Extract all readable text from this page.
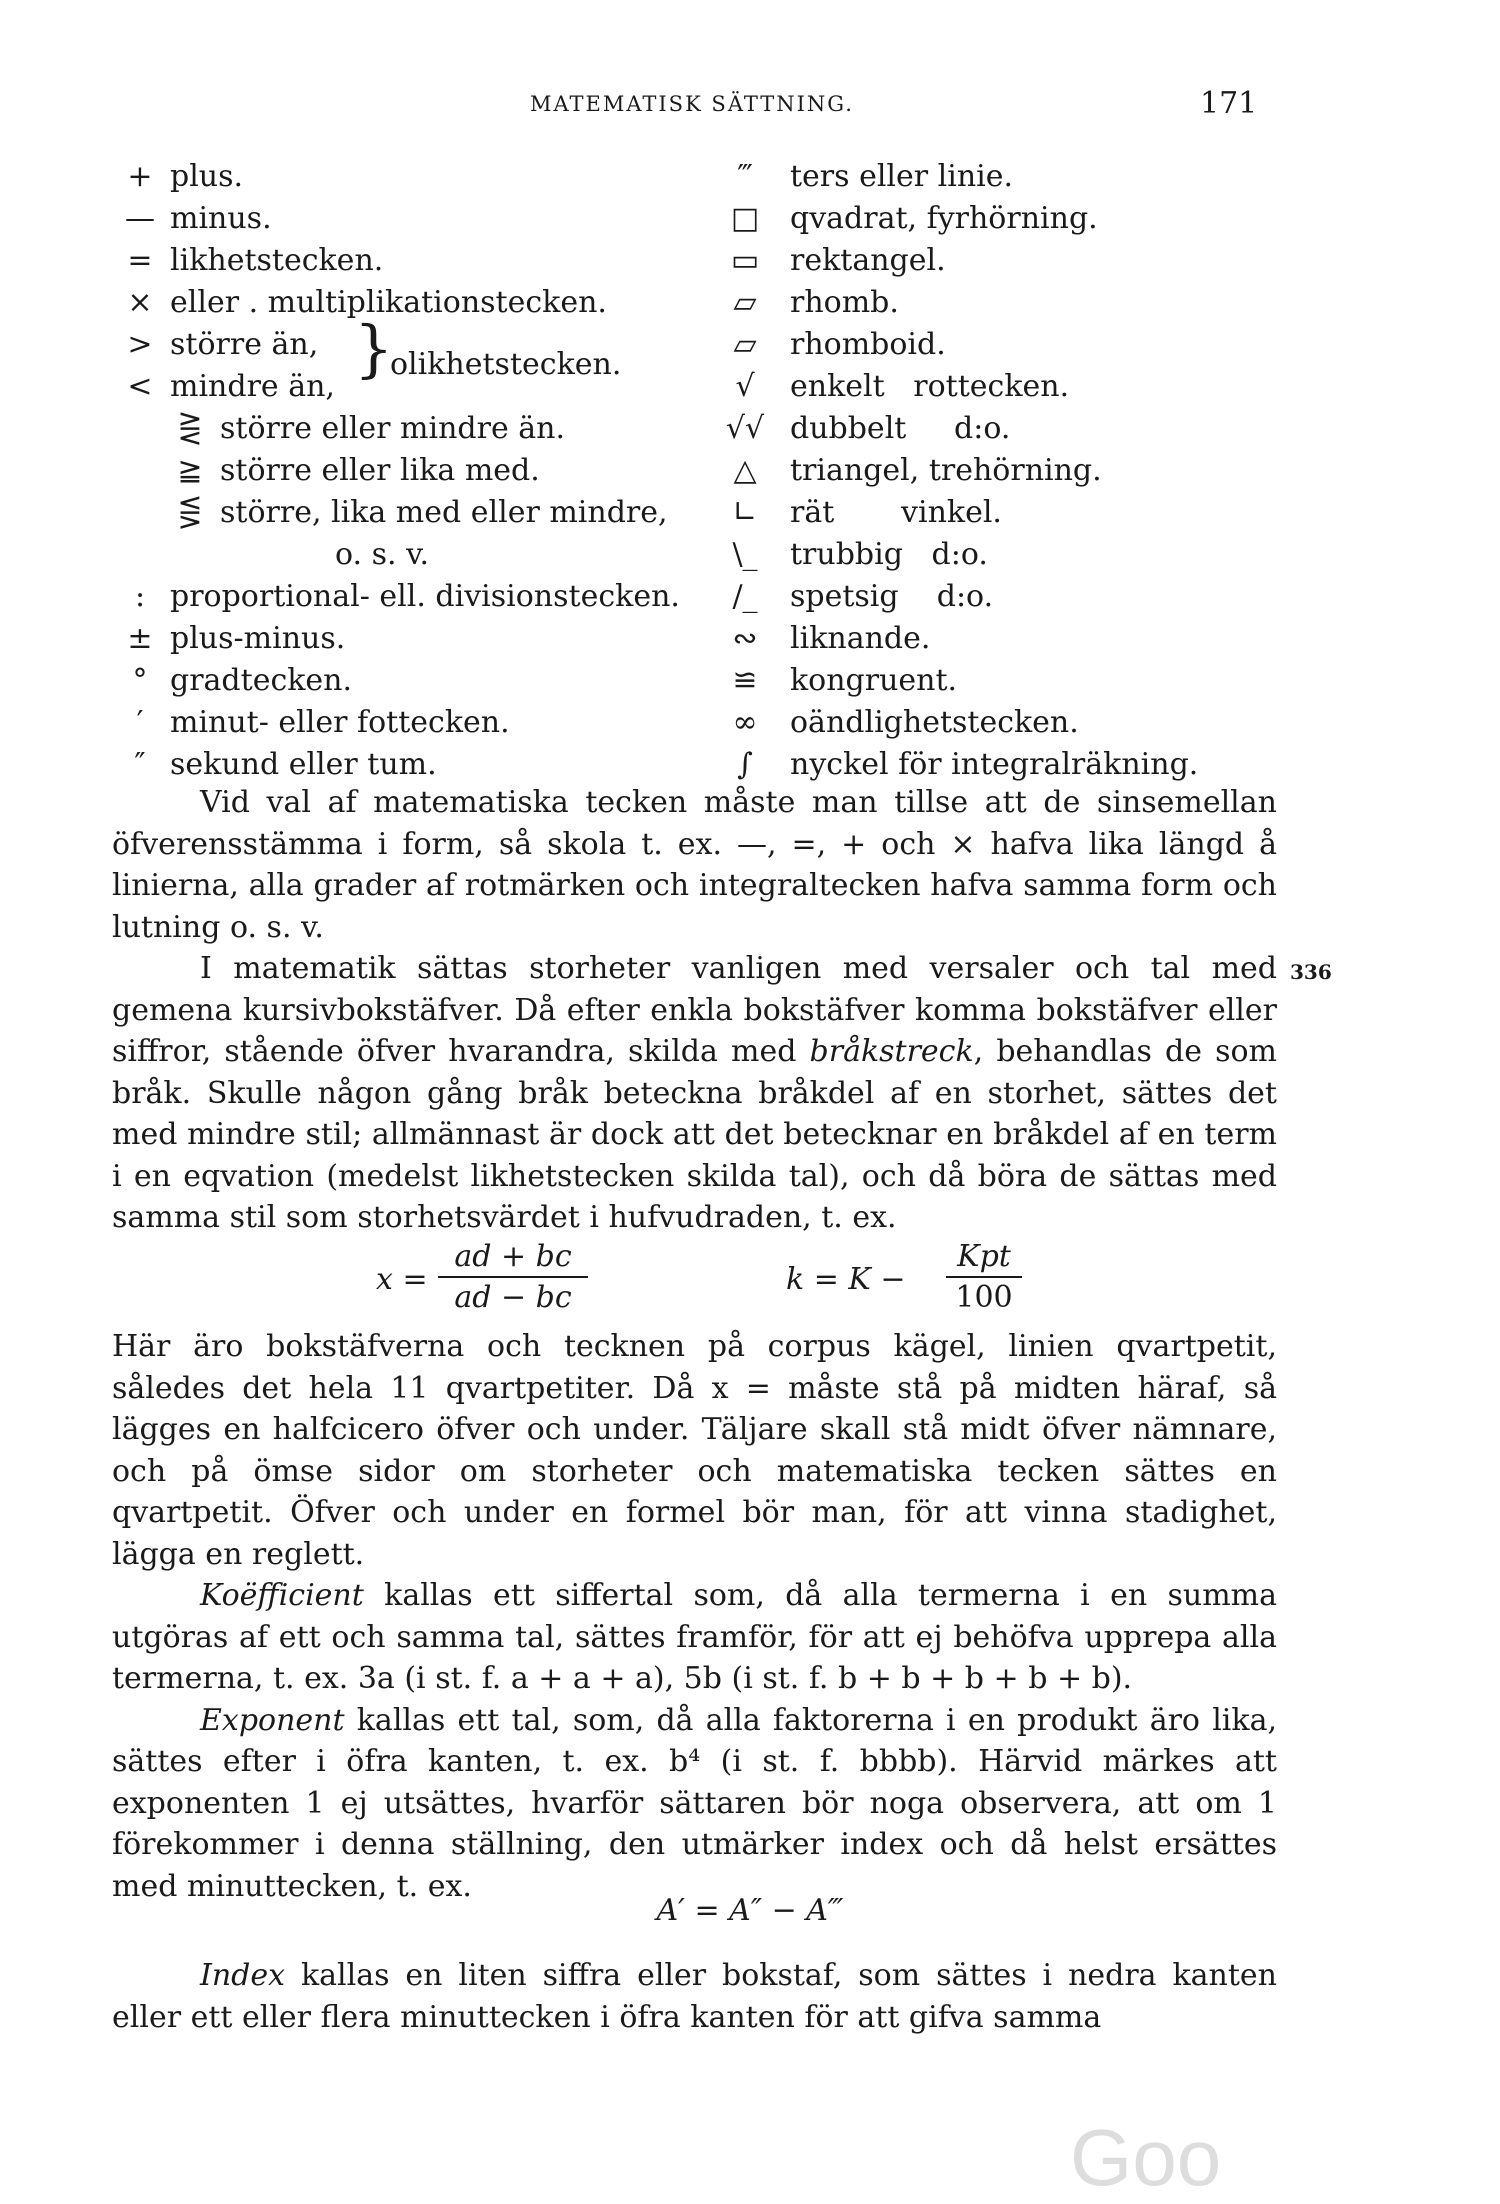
MATEMATISK SÄTTNING.	171
+ plus.
— minus.
= likhetstecken.
× eller . multiplikationstecken.
> större än, }
olikhetstecken.
< mindre än,
⋛ större eller mindre än.
≧ större eller lika med.
⋚ större, lika med eller mindre,
o. s. v.
: proportional- ell. divisionstecken.
± plus-minus.
° gradtecken.
′ minut- eller fottecken.
″ sekund eller tum.
‴	ters eller linie.
□	qvadrat, fyrhörning.
▭	rektangel.
▱	rhomb.
▱	rhomboid.
√	enkelt   rottecken.
√√ dubbelt     d:o.
△	triangel, trehörning.
∟	rät       vinkel.
\_	trubbig   d:o.
/_	spetsig    d:o.
∾	liknande.
≌	kongruent.
∞	oändlighetstecken.
∫	nyckel för integralräkning.

Vid val af matematiska tecken måste man tillse att de sinsemellan öfverensstämma i form, så skola t. ex. —, =, + och × hafva lika längd å linierna, alla grader af rotmärken och integraltecken hafva samma form och lutning o. s. v.

I matematik sättas storheter vanligen med versaler och tal med gemena kursivbokstäfver. Då efter enkla bokstäfver komma bokstäfver eller siffror, stående öfver hvarandra, skilda med bråkstreck, behandlas de som bråk. Skulle någon gång bråk beteckna bråkdel af en storhet, sättes det med mindre stil; allmännast är dock att det betecknar en bråkdel af en term i en eqvation (medelst likhetstecken skilda tal), och då böra de sättas med samma stil som storhetsvärdet i hufvudraden, t. ex.

336
$x = \frac{ad + bc}{ad - bc}$	k = K −
Kpt
100

Här äro bokstäfverna och tecknen på corpus kägel, linien qvartpetit, således det hela 11 qvartpetiter. Då x = måste stå på midten häraf, så lägges en halfcicero öfver och under. Täljare skall stå midt öfver nämnare, och på ömse sidor om storheter och matematiska tecken sättes en qvartpetit. Öfver och under en formel bör man, för att vinna stadighet, lägga en reglett.

Koëfficient kallas ett siffertal som, då alla termerna i en summa utgöras af ett och samma tal, sättes framför, för att ej behöfva upprepa alla termerna, t. ex. 3a (i st. f. a + a + a), 5b (i st. f. b + b + b + b + b).

Exponent kallas ett tal, som, då alla faktorerna i en produkt äro lika, sättes efter i öfra kanten, t. ex. b⁴ (i st. f. bbbb). Härvid märkes att exponenten 1 ej utsättes, hvarför sättaren bör noga observera, att om 1 förekommer i denna ställning, den utmärker index och då helst ersättes med minuttecken, t. ex.

A′ = A″ − A‴

Index kallas en liten siffra eller bokstaf, som sättes i nedra kanten eller ett eller flera minuttecken i öfra kanten för att gifva samma

Goo
